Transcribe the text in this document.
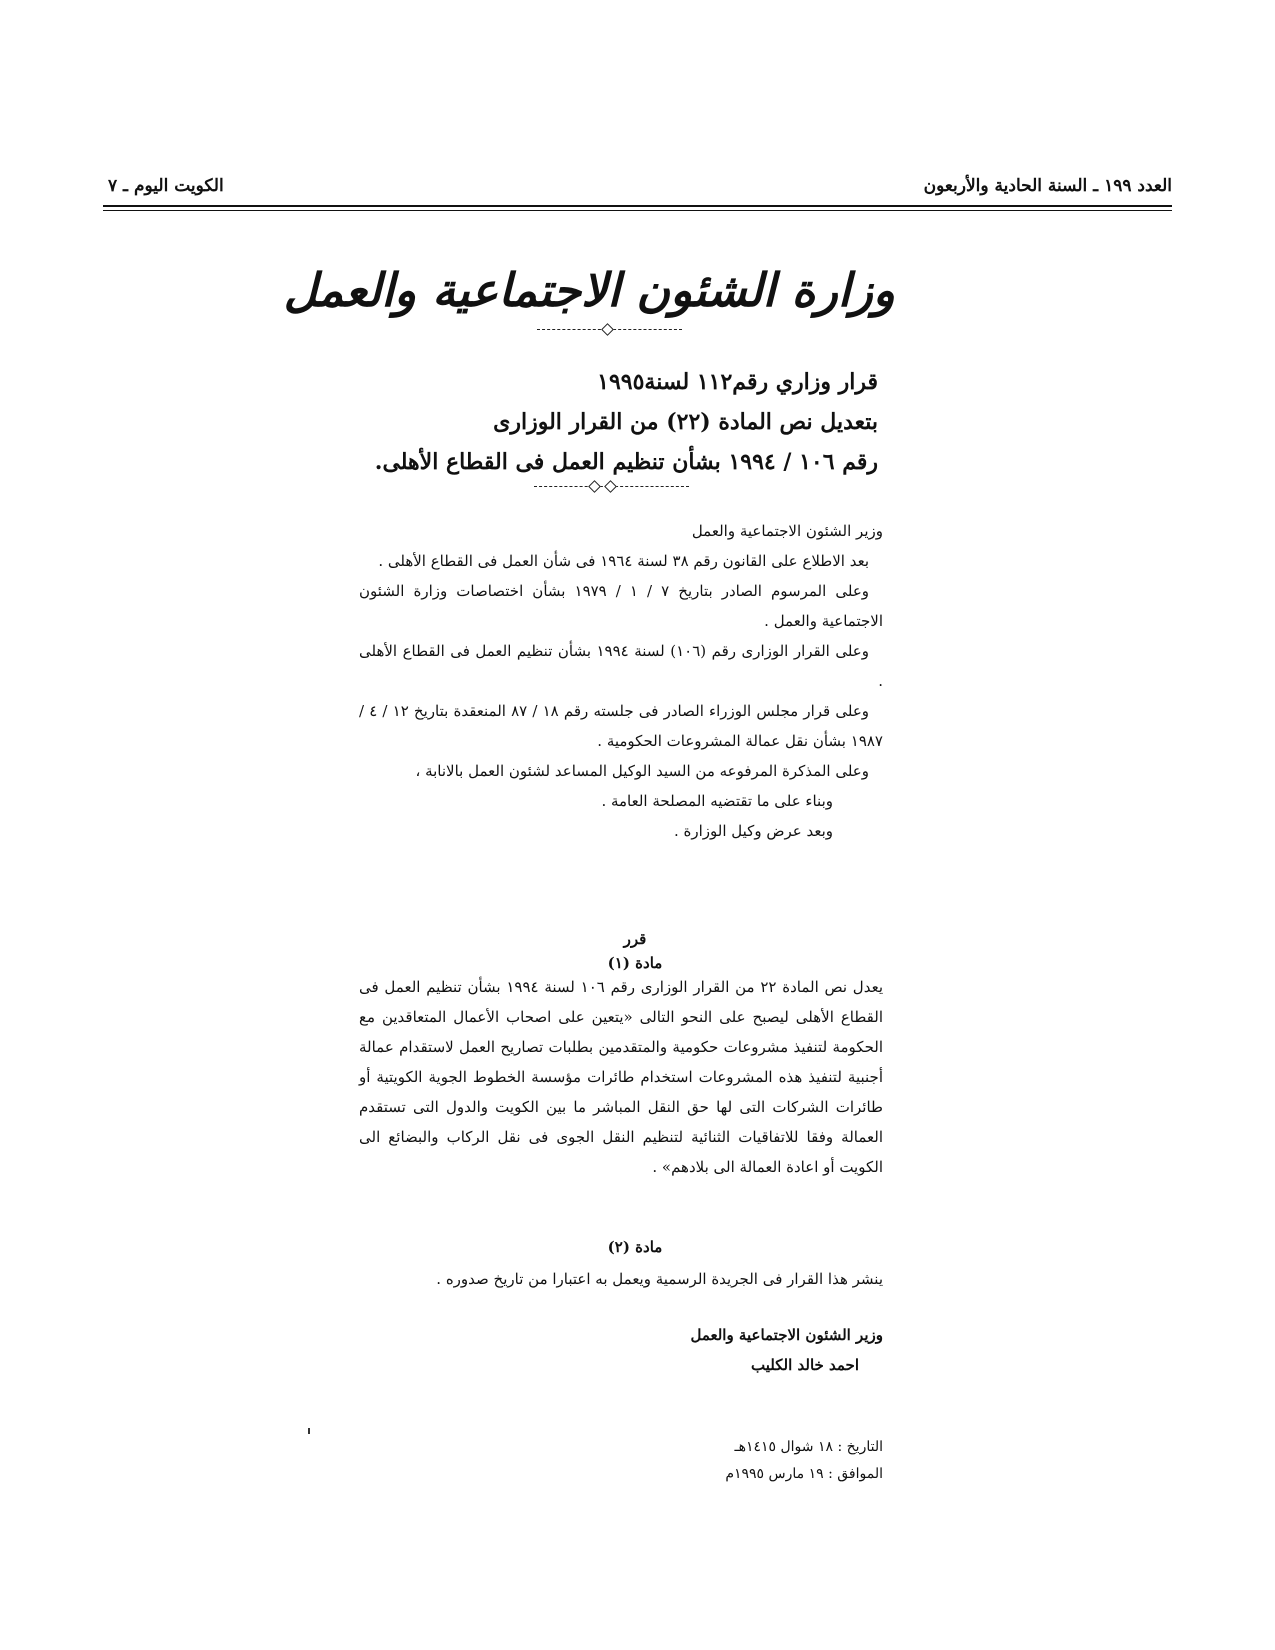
الكويت اليوم ـ ٧	العدد ١٩٩ ـ السنة الحادية والأربعون
وزارة الشئون الاجتماعية والعمل
قرار وزاري رقم١١٢ لسنة١٩٩٥
بتعديل نص المادة (٢٢) من القرار الوزارى
رقم ١٠٦ / ١٩٩٤ بشأن تنظيم العمل فى القطاع الأهلى.

وزير الشئون الاجتماعية والعمل

بعد الاطلاع على القانون رقم ٣٨ لسنة ١٩٦٤ فى شأن العمل فى القطاع الأهلى .

وعلى المرسوم الصادر بتاريخ ٧ / ١ / ١٩٧٩ بشأن اختصاصات وزارة الشئون الاجتماعية والعمل .

وعلى القرار الوزارى رقم (١٠٦) لسنة ١٩٩٤ بشأن تنظيم العمل فى القطاع الأهلى .

وعلى قرار مجلس الوزراء الصادر فى جلسته رقم ١٨ / ٨٧ المنعقدة بتاريخ ١٢ / ٤ / ١٩٨٧ بشأن نقل عمالة المشروعات الحكومية .

وعلى المذكرة المرفوعه من السيد الوكيل المساعد لشئون العمل بالانابة ،

وبناء على ما تقتضيه المصلحة العامة .

وبعد عرض وكيل الوزارة .

قرر
مادة (١)
يعدل نص المادة ٢٢ من القرار الوزارى رقم ١٠٦ لسنة ١٩٩٤ بشأن تنظيم العمل فى القطاع الأهلى ليصبح على النحو التالى «يتعين على اصحاب الأعمال المتعاقدين مع الحكومة لتنفيذ مشروعات حكومية والمتقدمين بطلبات تصاريح العمل لاستقدام عمالة أجنبية لتنفيذ هذه المشروعات استخدام طائرات مؤسسة الخطوط الجوية الكويتية أو طائرات الشركات التى لها حق النقل المباشر ما بين الكويت والدول التى تستقدم العمالة وفقا للاتفاقيات الثنائية لتنظيم النقل الجوى فى نقل الركاب والبضائع الى الكويت أو اعادة العمالة الى بلادهم» .
مادة (٢)
ينشر هذا القرار فى الجريدة الرسمية ويعمل به اعتبارا من تاريخ صدوره .
وزير الشئون الاجتماعية والعمل
احمد خالد الكليب
التاريخ : ١٨ شوال ١٤١٥هـ
الموافق : ١٩ مارس ١٩٩٥م
